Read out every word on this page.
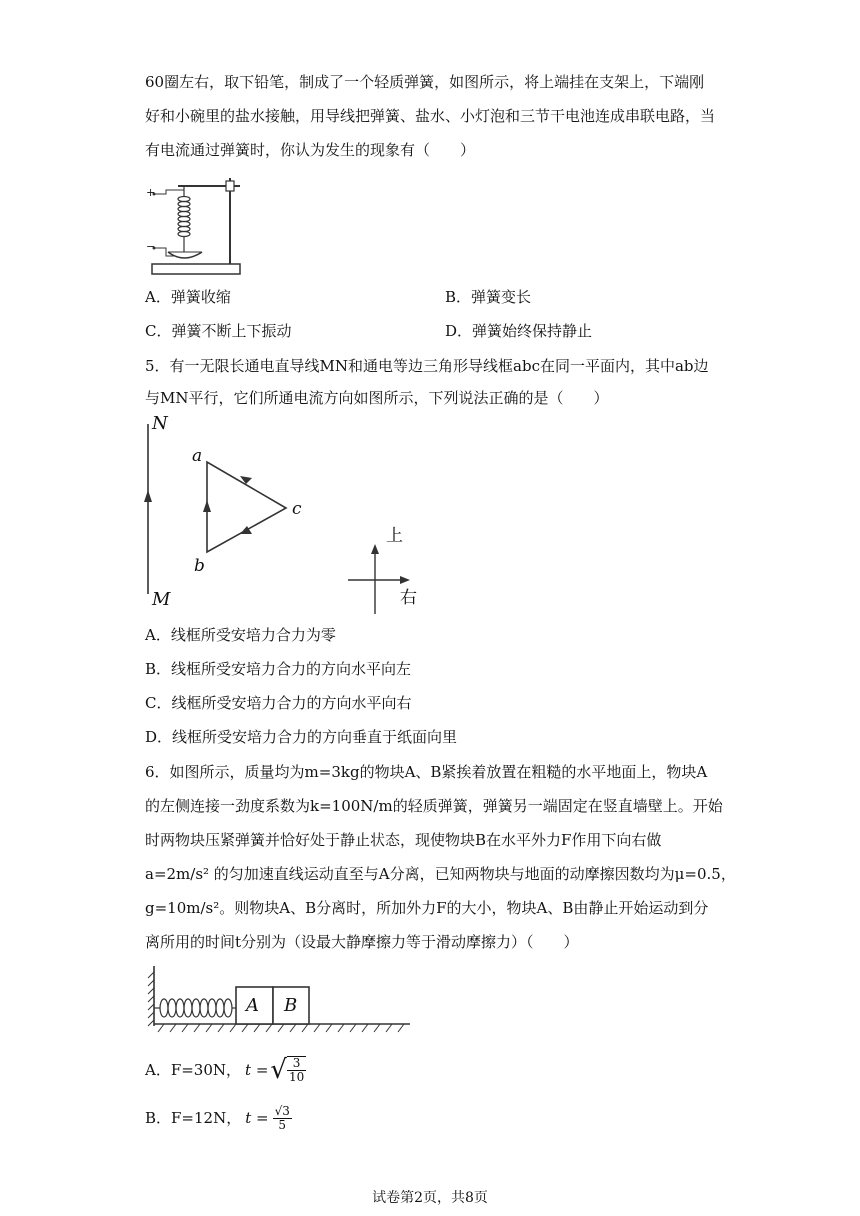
60圈左右，取下铅笔，制成了一个轻质弹簧，如图所示，将上端挂在支架上，下端刚
好和小碗里的盐水接触，用导线把弹簧、盐水、小灯泡和三节干电池连成串联电路，当
有电流通过弹簧时，你认为发生的现象有（　　）
+
−
A．弹簧收缩	B．弹簧变长
C．弹簧不断上下振动	D．弹簧始终保持静止
5．有一无限长通电直导线MN和通电等边三角形导线框abc在同一平面内，其中ab边
与MN平行，它们所通电流方向如图所示，下列说法正确的是（　　）
N
M
a
b
c
上
右
A．线框所受安培力合力为零
B．线框所受安培力合力的方向水平向左
C．线框所受安培力合力的方向水平向右
D．线框所受安培力合力的方向垂直于纸面向里
6．如图所示，质量均为m=3kg的物块A、B紧挨着放置在粗糙的水平地面上，物块A
的左侧连接一劲度系数为k=100N/m的轻质弹簧，弹簧另一端固定在竖直墙壁上。开始
时两物块压紧弹簧并恰好处于静止状态，现使物块B在水平外力F作用下向右做
a=2m/s² 的匀加速直线运动直至与A分离，已知两物块与地面的动摩擦因数均为μ=0.5，
g=10m/s²。则物块A、B分离时，所加外力F的大小，物块A、B由静止开始运动到分
离所用的时间t分别为（设最大静摩擦力等于滑动摩擦力）（　　）
A B
A．F=30N， t = √ $\frac{3}{10}$
B．F=12N， $t = \frac{√3}{5}$
试卷第2页，共8页
